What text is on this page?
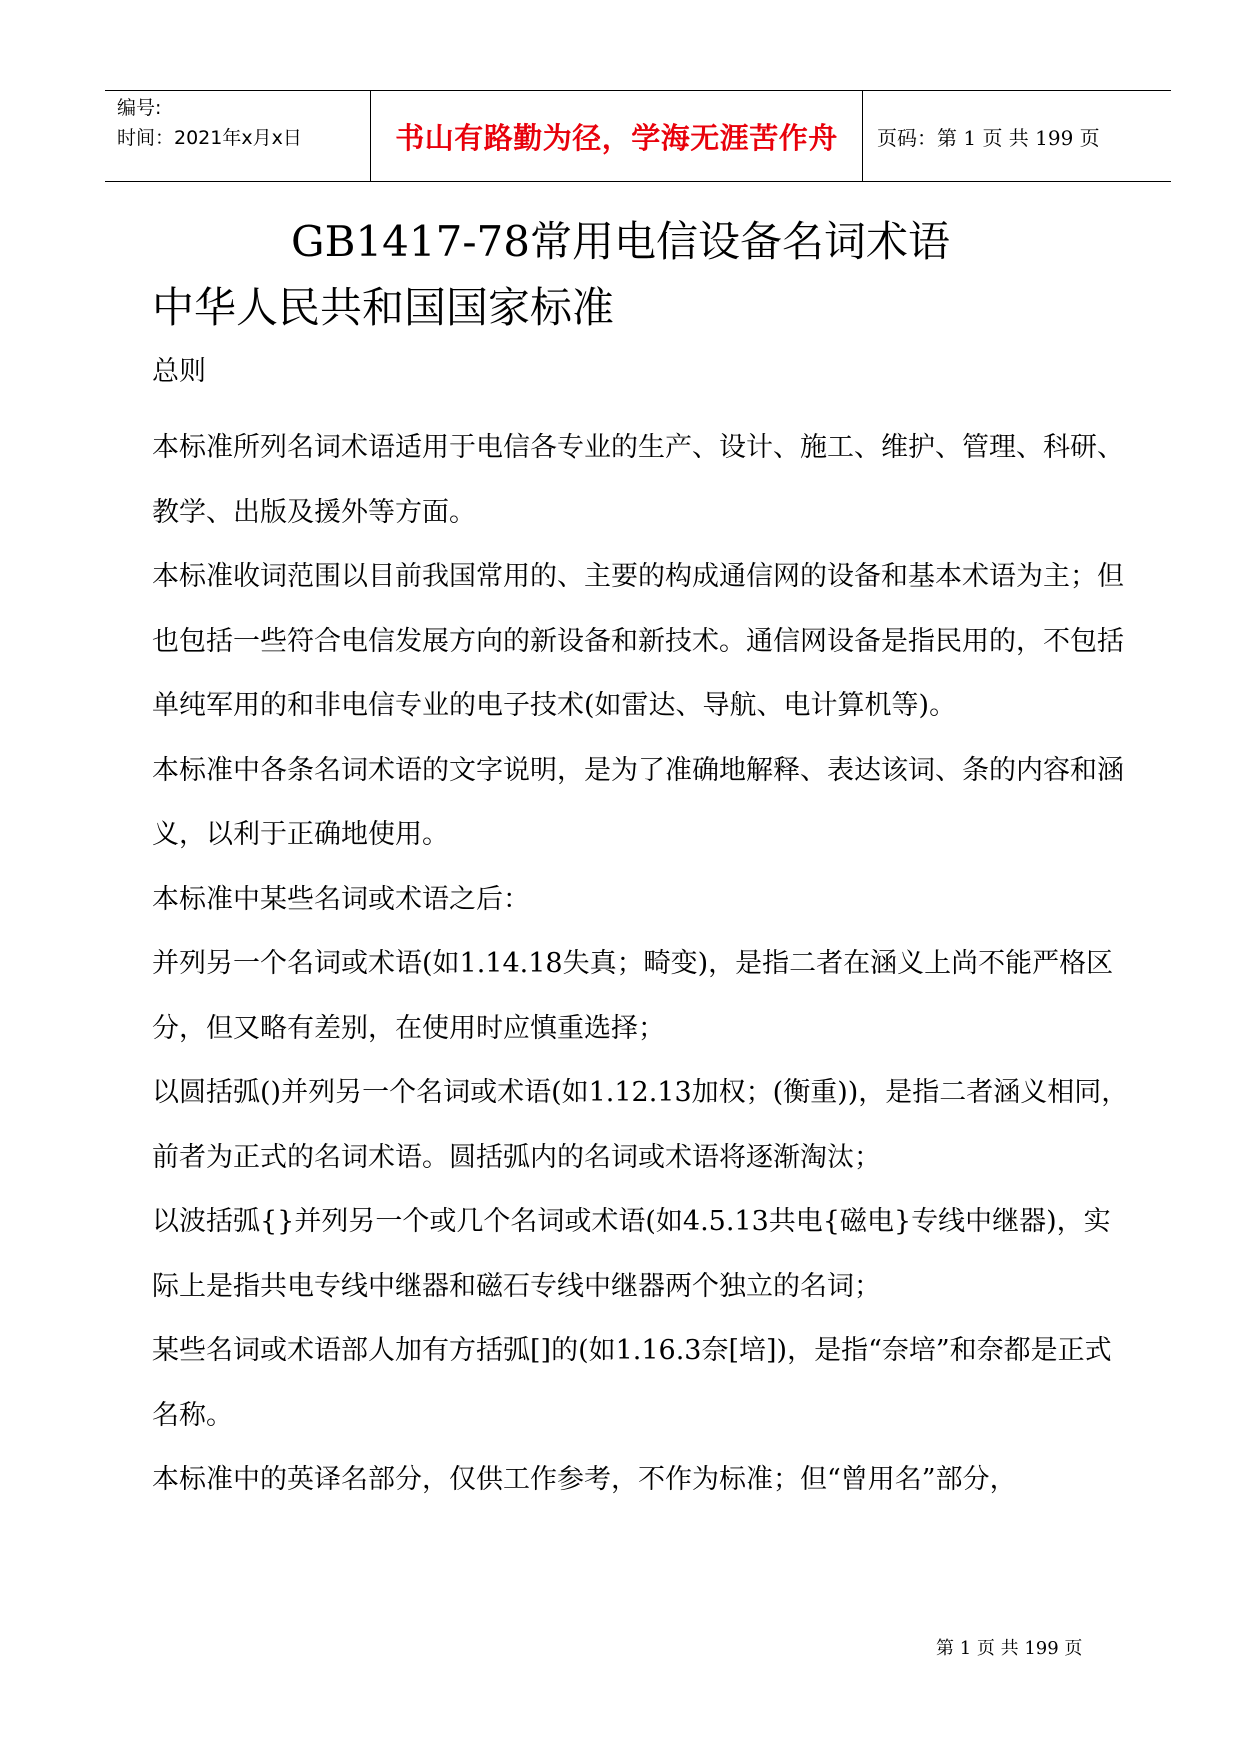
编号:
时间：2021年x月x日	书山有路勤为径，学海无涯苦作舟 页码：第 1 页 共 199 页
GB1417-78常用电信设备名词术语
中华人民共和国国家标准
总则

本标准所列名词术语适用于电信各专业的生产、设计、施工、维护、管理、科研、教学、出版及援外等方面。

本标准收词范围以目前我国常用的、主要的构成通信网的设备和基本术语为主；但也包括一些符合电信发展方向的新设备和新技术。通信网设备是指民用的，不包括单纯军用的和非电信专业的电子技术(如雷达、导航、电计算机等)。

本标准中各条名词术语的文字说明，是为了准确地解释、表达该词、条的内容和涵义，以利于正确地使用。

本标准中某些名词或术语之后：

并列另一个名词或术语(如1.14.18失真；畸变)，是指二者在涵义上尚不能严格区分，但又略有差别，在使用时应慎重选择；

以圆括弧()并列另一个名词或术语(如1.12.13加权；(衡重))，是指二者涵义相同，前者为正式的名词术语。圆括弧内的名词或术语将逐渐淘汰；

以波括弧{}并列另一个或几个名词或术语(如4.5.13共电{磁电}专线中继器)，实际上是指共电专线中继器和磁石专线中继器两个独立的名词；

某些名词或术语部人加有方括弧[]的(如1.16.3奈[培])，是指“奈培”和奈都是正式名称。

本标准中的英译名部分，仅供工作参考，不作为标准；但“曾用名”部分，

第 1 页 共 199 页
